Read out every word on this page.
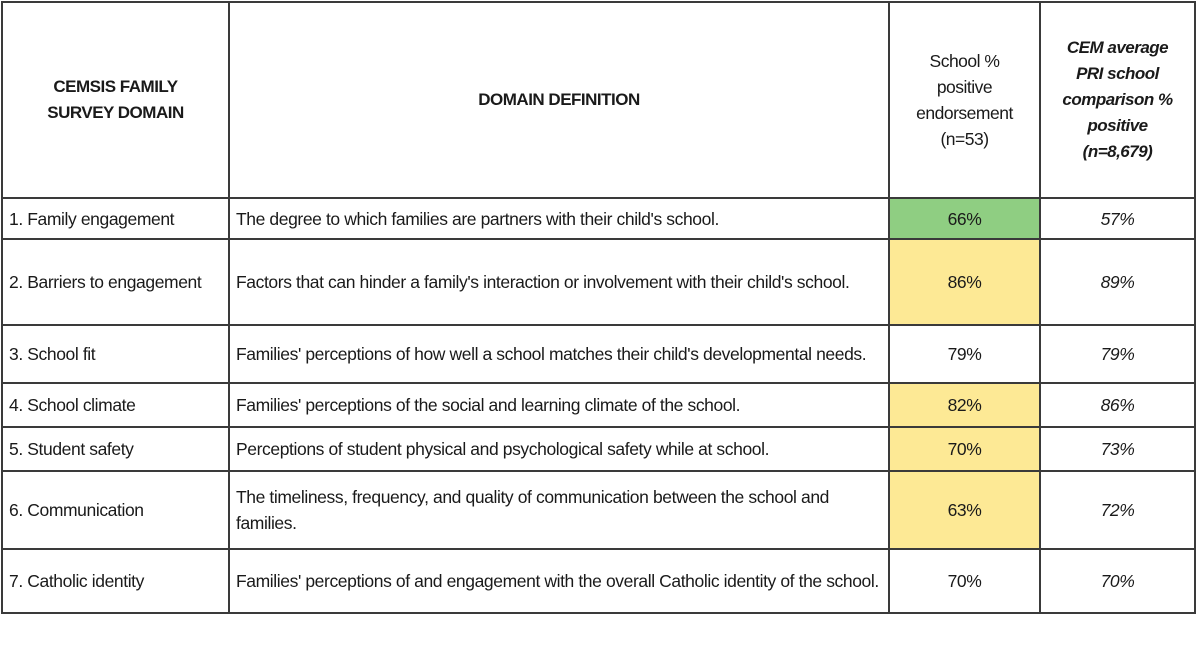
CEMSIS FAMILY SURVEY DOMAIN	DOMAIN DEFINITION	School % positive endorsement (n=53)	CEM average PRI school comparison % positive (n=8,679)
1. Family engagement	The degree to which families are partners with their child's school.	66%	57%
2. Barriers to engagement	Factors that can hinder a family's interaction or involvement with their child's school.	86%	89%
3. School fit	Families' perceptions of how well a school matches their child's developmental needs.	79%	79%
4. School climate	Families' perceptions of the social and learning climate of the school.	82%	86%
5. Student safety	Perceptions of student physical and psychological safety while at school.	70%	73%
6. Communication	The timeliness, frequency, and quality of communication between the school and families.	63%	72%
7. Catholic identity	Families' perceptions of and engagement with the overall Catholic identity of the school.	70%	70%
